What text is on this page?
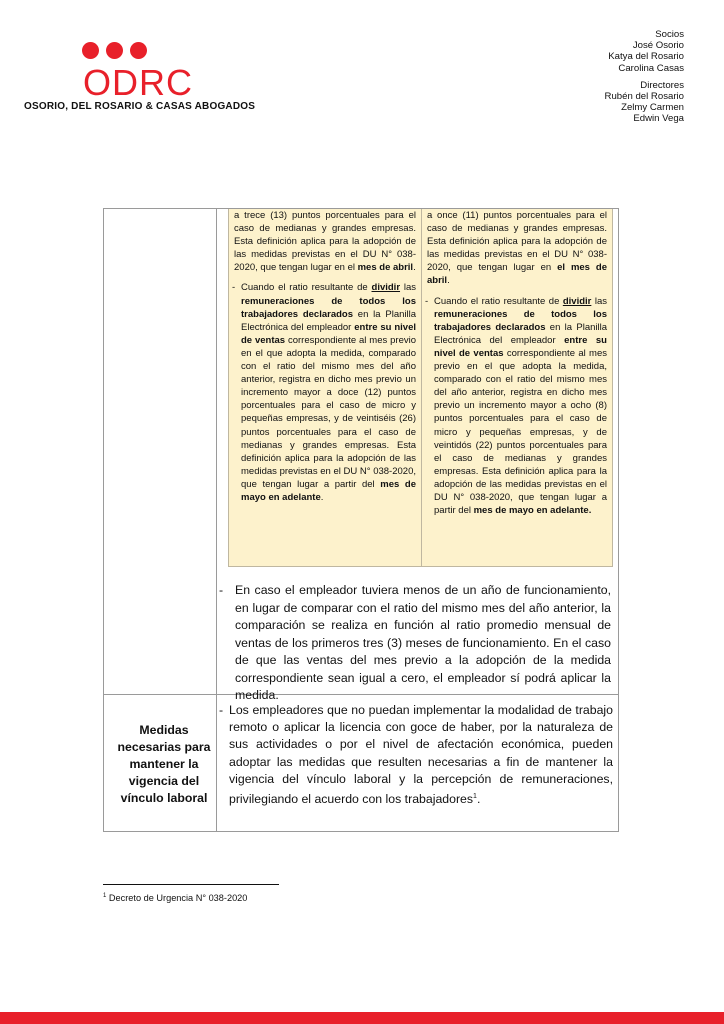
ODRC
OSORIO, DEL ROSARIO & CASAS ABOGADOS
Socios
José Osorio
Katya del Rosario
Carolina Casas
Directores
Rubén del Rosario
Zelmy Carmen
Edwin Vega
a trece (13) puntos porcentuales para el caso de medianas y grandes empresas. Esta definición aplica para la adopción de las medidas previstas en el DU N° 038-2020, que tengan lugar en el mes de abril.
- Cuando el ratio resultante de dividir las remuneraciones de todos los trabajadores declarados en la Planilla Electrónica del empleador entre su nivel de ventas correspondiente al mes previo en el que adopta la medida, comparado con el ratio del mismo mes del año anterior, registra en dicho mes previo un incremento mayor a doce (12) puntos porcentuales para el caso de micro y pequeñas empresas, y de veintiséis (26) puntos porcentuales para el caso de medianas y grandes empresas. Esta definición aplica para la adopción de las medidas previstas en el DU N° 038-2020, que tengan lugar a partir del mes de mayo en adelante.
a once (11) puntos porcentuales para el caso de medianas y grandes empresas. Esta definición aplica para la adopción de las medidas previstas en el DU N° 038-2020, que tengan lugar en el mes de abril.
- Cuando el ratio resultante de dividir las remuneraciones de todos los trabajadores declarados en la Planilla Electrónica del empleador entre su nivel de ventas correspondiente al mes previo en el que adopta la medida, comparado con el ratio del mismo mes del año anterior, registra en dicho mes previo un incremento mayor a ocho (8) puntos porcentuales para el caso de micro y pequeñas empresas, y de veintidós (22) puntos porcentuales para el caso de medianas y grandes empresas. Esta definición aplica para la adopción de las medidas previstas en el DU N° 038-2020, que tengan lugar a partir del mes de mayo en adelante.
- En caso el empleador tuviera menos de un año de funcionamiento, en lugar de comparar con el ratio del mismo mes del año anterior, la comparación se realiza en función al ratio promedio mensual de ventas de los primeros tres (3) meses de funcionamiento. En el caso de que las ventas del mes previo a la adopción de la medida correspondiente sean igual a cero, el empleador sí podrá aplicar la medida.
Medidas necesarias para mantener la vigencia del vínculo laboral
- Los empleadores que no puedan implementar la modalidad de trabajo remoto o aplicar la licencia con goce de haber, por la naturaleza de sus actividades o por el nivel de afectación económica, pueden adoptar las medidas que resulten necesarias a fin de mantener la vigencia del vínculo laboral y la percepción de remuneraciones, privilegiando el acuerdo con los trabajadores$^1$.
$^1$ Decreto de Urgencia N° 038-2020
